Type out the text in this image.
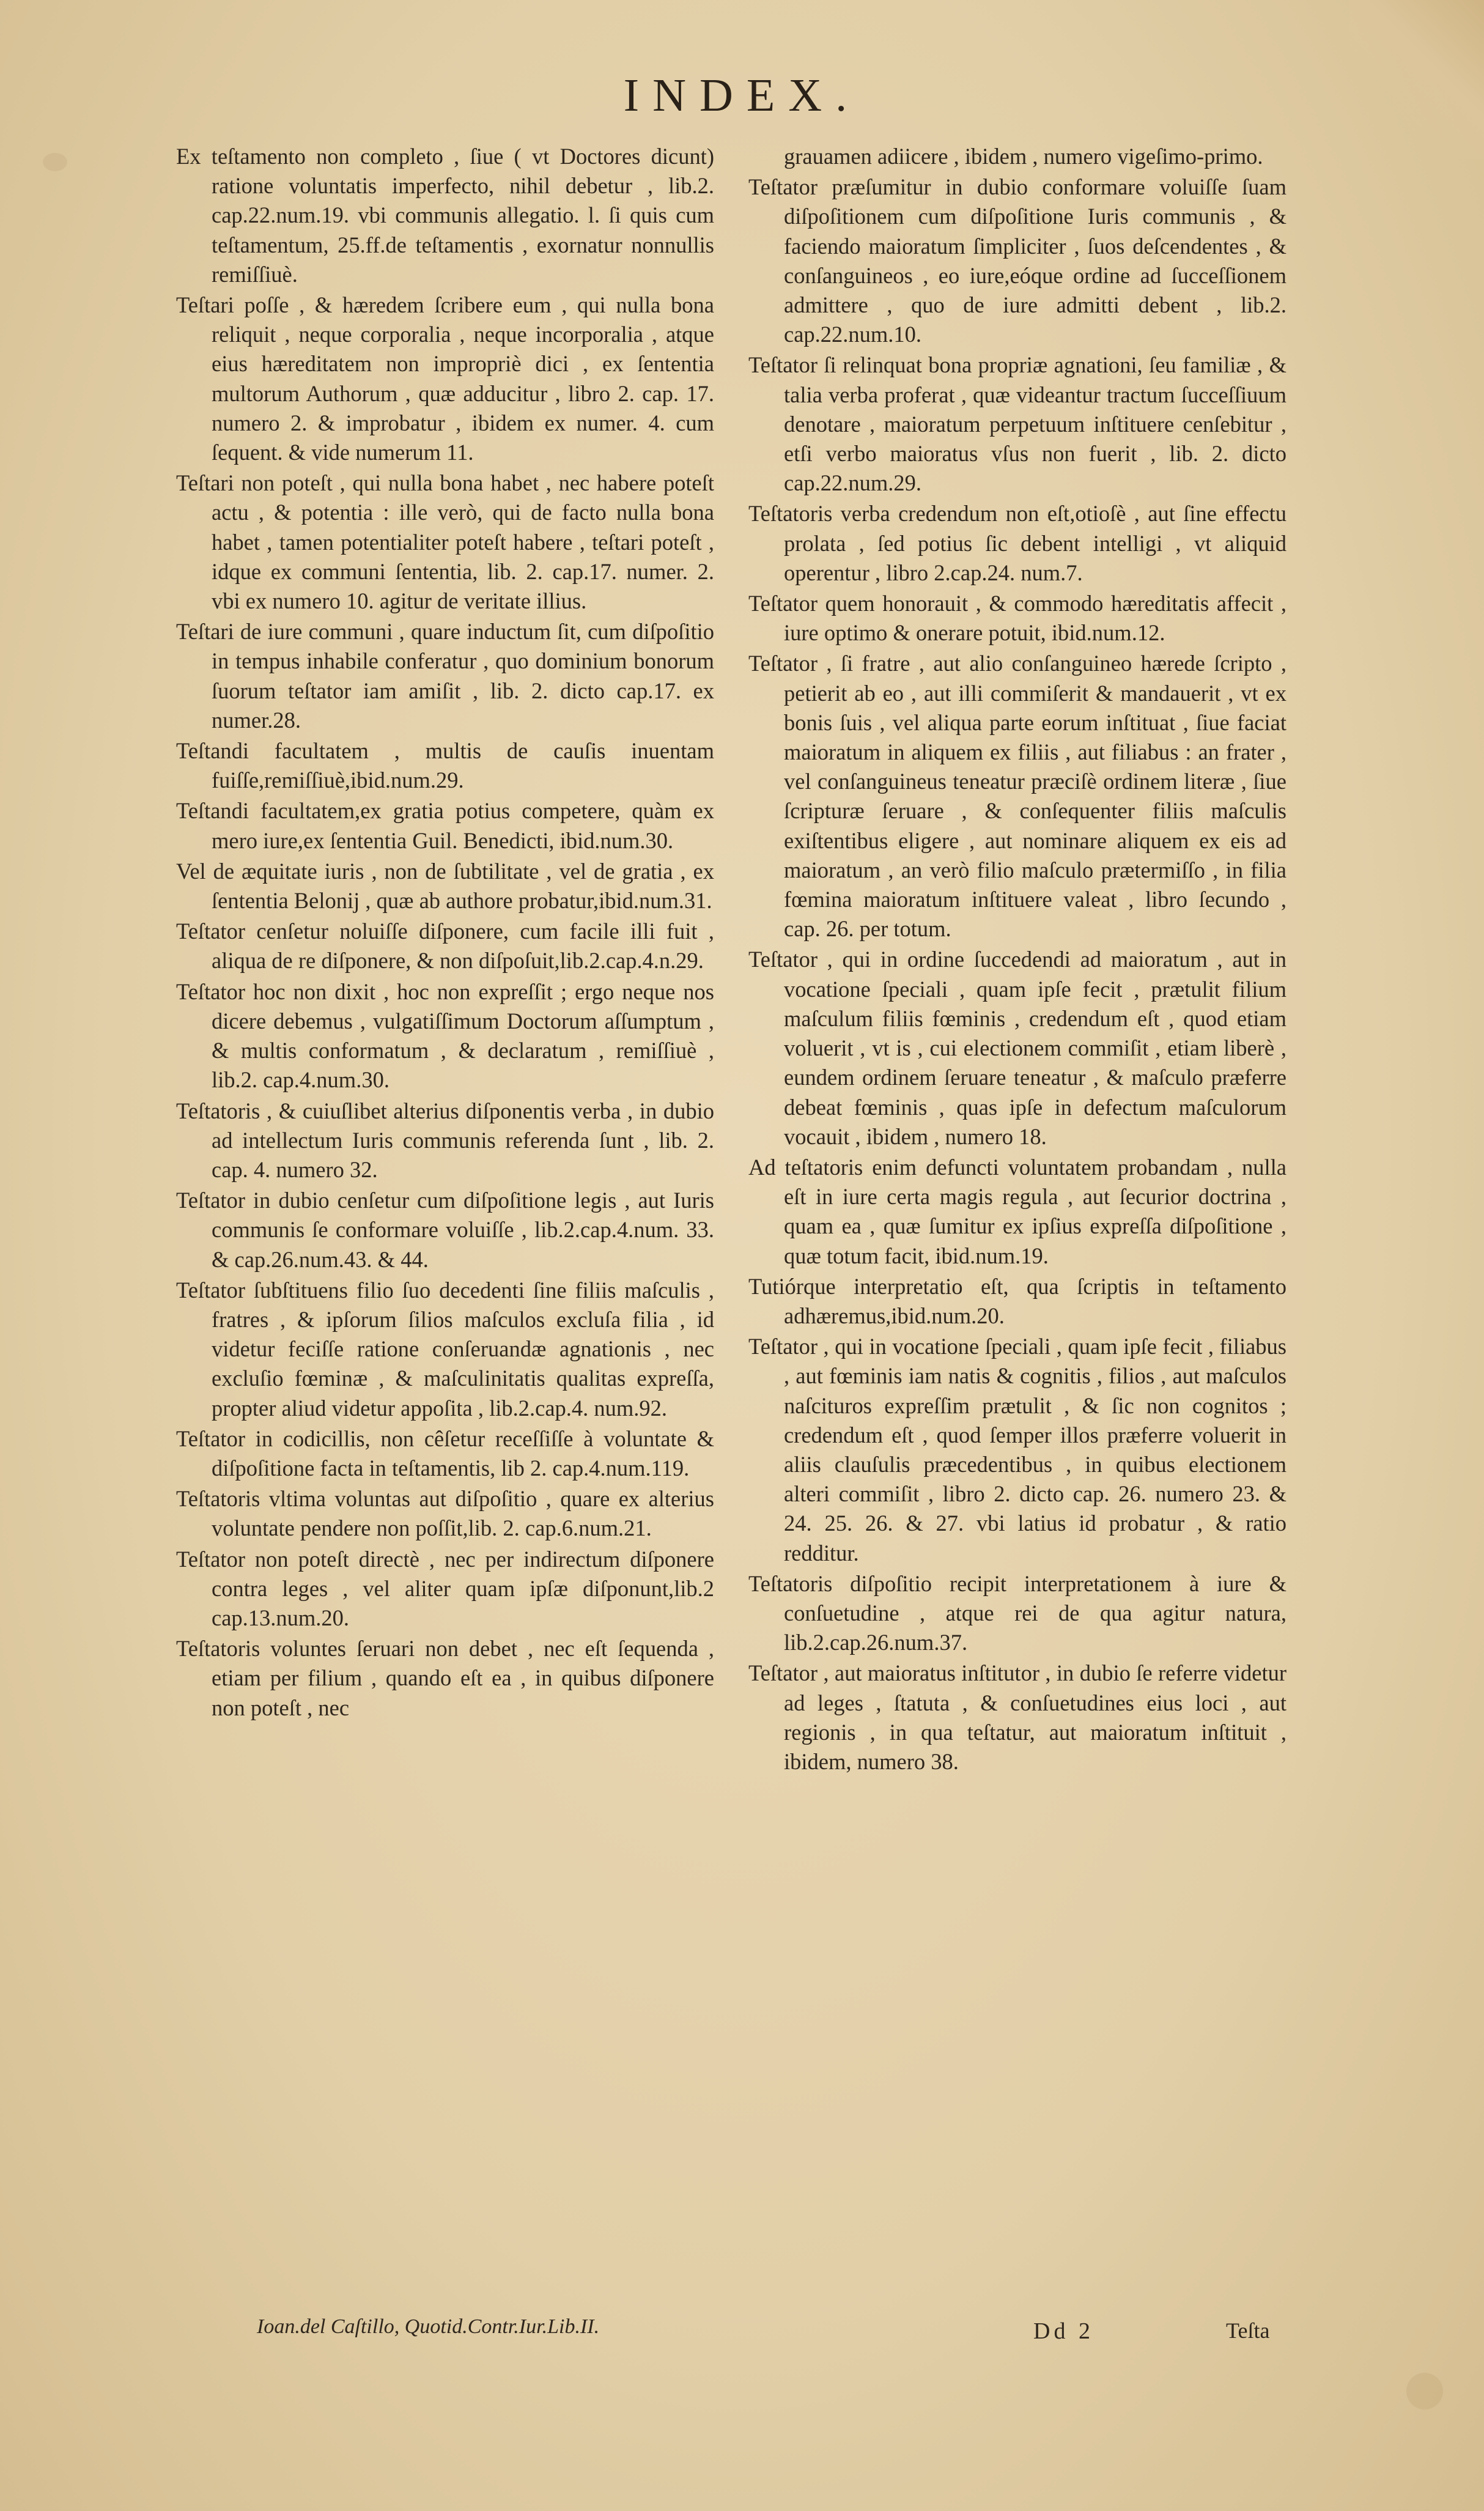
INDEX.

Ex teſtamento non completo , ſiue ( vt Doctores dicunt) ratione voluntatis imperfecto, nihil debetur , lib.2. cap.22.num.19. vbi communis allegatio. l. ſi quis cum teſtamentum, 25.ff.de teſtamentis , exornatur nonnullis remiſſiuè.

Teſtari poſſe , & hæredem ſcribere eum , qui nulla bona reliquit , neque corporalia , neque incorporalia , atque eius hæreditatem non impropriè dici , ex ſententia multorum Authorum , quæ adducitur , libro 2. cap. 17. numero 2. & improbatur , ibidem ex numer. 4. cum ſequent. & vide numerum 11.

Teſtari non poteſt , qui nulla bona habet , nec habere poteſt actu , & potentia : ille verò, qui de facto nulla bona habet , tamen potentialiter poteſt habere , teſtari poteſt , idque ex communi ſententia, lib. 2. cap.17. numer. 2. vbi ex numero 10. agitur de veritate illius.

Teſtari de iure communi , quare inductum ſit, cum diſpoſitio in tempus inhabile conferatur , quo dominium bonorum ſuorum teſtator iam amiſit , lib. 2. dicto cap.17. ex numer.28.

Teſtandi facultatem , multis de cauſis inuentam fuiſſe,remiſſiuè,ibid.num.29.

Teſtandi facultatem,ex gratia potius competere, quàm ex mero iure,ex ſententia Guil. Benedicti, ibid.num.30.

Vel de æquitate iuris , non de ſubtilitate , vel de gratia , ex ſententia Belonij , quæ ab authore probatur,ibid.num.31.

Teſtator cenſetur noluiſſe diſponere, cum facile illi fuit , aliqua de re diſponere, & non diſpoſuit,lib.2.cap.4.n.29.

Teſtator hoc non dixit , hoc non expreſſit ; ergo neque nos dicere debemus , vulgatiſſimum Doctorum aſſumptum , & multis conformatum , & declaratum , remiſſiuè , lib.2. cap.4.num.30.

Teſtatoris , & cuiuſlibet alterius diſponentis verba , in dubio ad intellectum Iuris communis referenda ſunt , lib. 2. cap. 4. numero 32.

Teſtator in dubio cenſetur cum diſpoſitione legis , aut Iuris communis ſe conformare voluiſſe , lib.2.cap.4.num. 33. & cap.26.num.43. & 44.

Teſtator ſubſtituens filio ſuo decedenti ſine filiis maſculis , fratres , & ipſorum ſilios maſculos excluſa filia , id videtur feciſſe ratione conſeruandæ agnationis , nec excluſio fœminæ , & maſculinitatis qualitas expreſſa, propter aliud videtur appoſita , lib.2.cap.4. num.92.

Teſtator in codicillis, non cêſetur receſſiſſe à voluntate & diſpoſitione facta in teſtamentis, lib 2. cap.4.num.119.

Teſtatoris vltima voluntas aut diſpoſitio , quare ex alterius voluntate pendere non poſſit,lib. 2. cap.6.num.21.

Teſtator non poteſt directè , nec per indirectum diſponere contra leges , vel aliter quam ipſæ diſponunt,lib.2 cap.13.num.20.

Teſtatoris voluntes ſeruari non debet , nec eſt ſequenda , etiam per filium , quando eſt ea , in quibus diſponere non poteſt , nec

grauamen adiicere , ibidem , numero vigeſimo-primo.

Teſtator præſumitur in dubio conformare voluiſſe ſuam diſpoſitionem cum diſpoſitione Iuris communis , & faciendo maioratum ſimpliciter , ſuos deſcendentes , & conſanguineos , eo iure,eóque ordine ad ſucceſſionem admittere , quo de iure admitti debent , lib.2. cap.22.num.10.

Teſtator ſi relinquat bona propriæ agnationi, ſeu familiæ , & talia verba proferat , quæ videantur tractum ſucceſſiuum denotare , maioratum perpetuum inſtituere cenſebitur , etſi verbo maioratus vſus non fuerit , lib. 2. dicto cap.22.num.29.

Teſtatoris verba credendum non eſt,otioſè , aut ſine effectu prolata , ſed potius ſic debent intelligi , vt aliquid operentur , libro 2.cap.24. num.7.

Teſtator quem honorauit , & commodo hæreditatis affecit , iure optimo & onerare potuit, ibid.num.12.

Teſtator , ſi fratre , aut alio conſanguineo hærede ſcripto , petierit ab eo , aut illi commiſerit & mandauerit , vt ex bonis ſuis , vel aliqua parte eorum inſtituat , ſiue faciat maioratum in aliquem ex filiis , aut filiabus : an frater , vel conſanguineus teneatur præciſè ordinem literæ , ſiue ſcripturæ ſeruare , & conſequenter filiis maſculis exiſtentibus eligere , aut nominare aliquem ex eis ad maioratum , an verò filio maſculo prætermiſſo , in filia fœmina maioratum inſtituere valeat , libro ſecundo , cap. 26. per totum.

Teſtator , qui in ordine ſuccedendi ad maioratum , aut in vocatione ſpeciali , quam ipſe fecit , prætulit filium maſculum filiis fœminis , credendum eſt , quod etiam voluerit , vt is , cui electionem commiſit , etiam liberè , eundem ordinem ſeruare teneatur , & maſculo præferre debeat fœminis , quas ipſe in defectum maſculorum vocauit , ibidem , numero 18.

Ad teſtatoris enim defuncti voluntatem probandam , nulla eſt in iure certa magis regula , aut ſecurior doctrina , quam ea , quæ ſumitur ex ipſius expreſſa diſpoſitione , quæ totum facit, ibid.num.19.

Tutiórque interpretatio eſt, qua ſcriptis in teſtamento adhæremus,ibid.num.20.

Teſtator , qui in vocatione ſpeciali , quam ipſe fecit , filiabus , aut fœminis iam natis & cognitis , filios , aut maſculos naſcituros expreſſim prætulit , & ſic non cognitos ; credendum eſt , quod ſemper illos præferre voluerit in aliis clauſulis præcedentibus , in quibus electionem alteri commiſit , libro 2. dicto cap. 26. numero 23. & 24. 25. 26. & 27. vbi latius id probatur , & ratio redditur.

Teſtatoris diſpoſitio recipit interpretationem à iure & conſuetudine , atque rei de qua agitur natura, lib.2.cap.26.num.37.

Teſtator , aut maioratus inſtitutor , in dubio ſe referre videtur ad leges , ſtatuta , & conſuetudines eius loci , aut regionis , in qua teſtatur, aut maioratum inſtituit , ibidem, numero 38.

Ioan.del Caſtillo, Quotid.Contr.Iur.Lib.II.	Dd 2	Teſta
